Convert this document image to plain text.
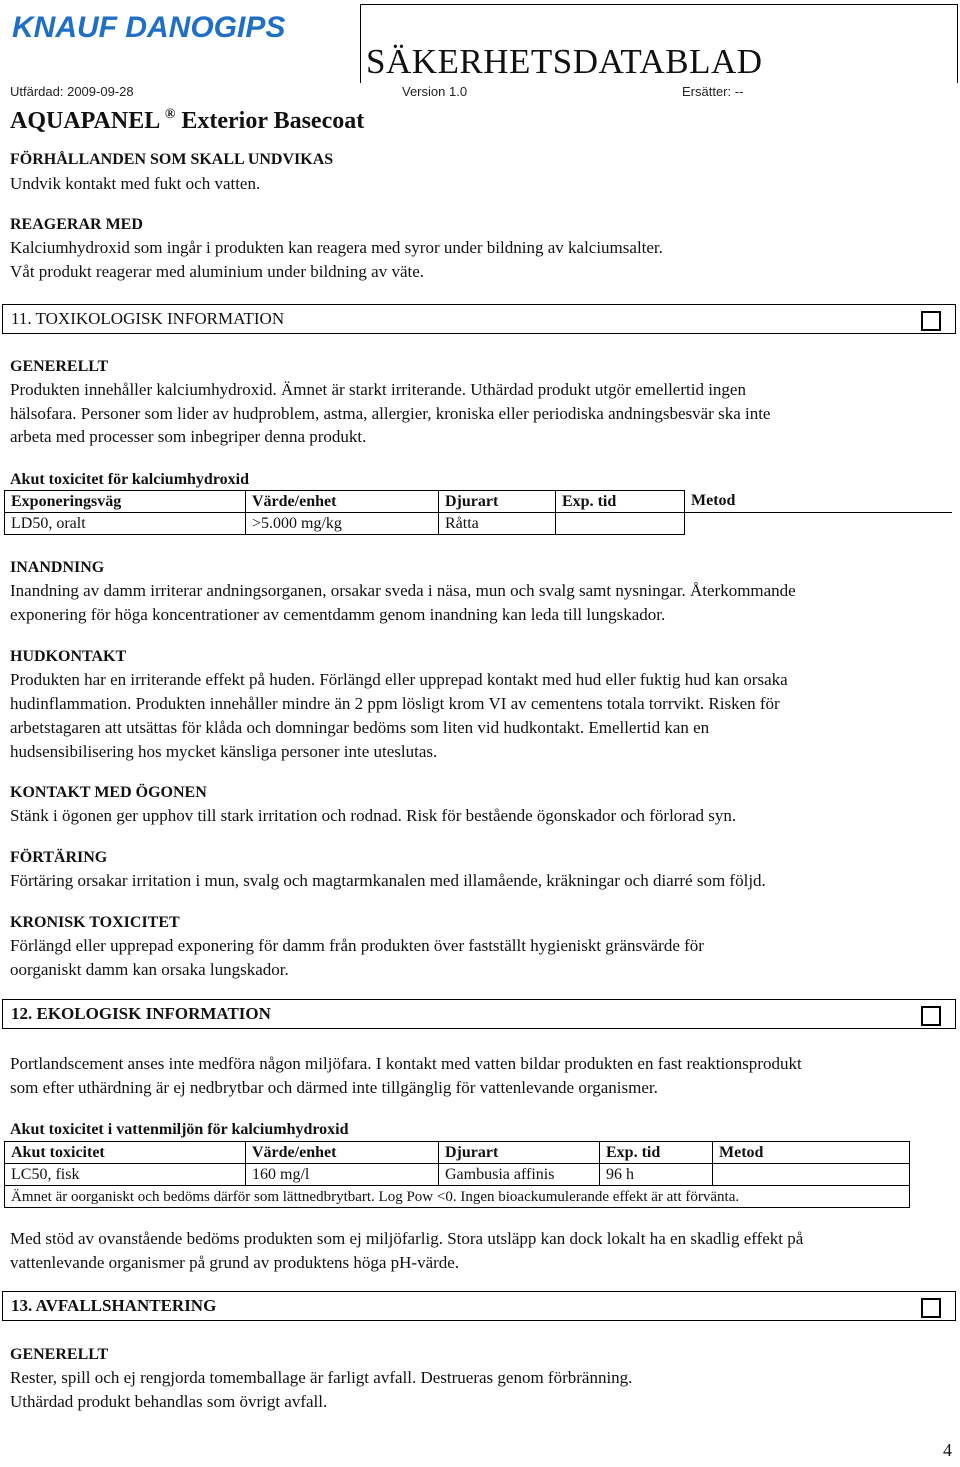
KNAUF DANOGIPS
SÄKERHETSDATABLAD
Utfärdad: 2009-09-28	Version 1.0	Ersätter: --
AQUAPANEL ® Exterior Basecoat
FÖRHÅLLANDEN SOM SKALL UNDVIKAS
Undvik kontakt med fukt och vatten.
REAGERAR MED
Kalciumhydroxid som ingår i produkten kan reagera med syror under bildning av kalciumsalter.
Våt produkt reagerar med aluminium under bildning av väte.
11. TOXIKOLOGISK INFORMATION
GENERELLT
Produkten innehåller kalciumhydroxid. Ämnet är starkt irriterande. Uthärdad produkt utgör emellertid ingen
hälsofara. Personer som lider av hudproblem, astma, allergier, kroniska eller periodiska andningsbesvär ska inte
arbeta med processer som inbegriper denna produkt.
Akut toxicitet för kalciumhydroxid
Exponeringsväg	Värde/enhet	Djurart	Exp. tid	Metod
LD50, oralt	>5.000 mg/kg	Råtta		
INANDNING
Inandning av damm irriterar andningsorganen, orsakar sveda i näsa, mun och svalg samt nysningar. Återkommande
exponering för höga koncentrationer av cementdamm genom inandning kan leda till lungskador.
HUDKONTAKT
Produkten har en irriterande effekt på huden. Förlängd eller upprepad kontakt med hud eller fuktig hud kan orsaka
hudinflammation. Produkten innehåller mindre än 2 ppm lösligt krom VI av cementens totala torrvikt. Risken för
arbetstagaren att utsättas för klåda och domningar bedöms som liten vid hudkontakt. Emellertid kan en
hudsensibilisering hos mycket känsliga personer inte uteslutas.
KONTAKT MED ÖGONEN
Stänk i ögonen ger upphov till stark irritation och rodnad. Risk för bestående ögonskador och förlorad syn.
FÖRTÄRING
Förtäring orsakar irritation i mun, svalg och magtarmkanalen med illamående, kräkningar och diarré som följd.
KRONISK TOXICITET
Förlängd eller upprepad exponering för damm från produkten över fastställt hygieniskt gränsvärde för
oorganiskt damm kan orsaka lungskador.
12. EKOLOGISK INFORMATION
Portlandscement anses inte medföra någon miljöfara. I kontakt med vatten bildar produkten en fast reaktionsprodukt
som efter uthärdning är ej nedbrytbar och därmed inte tillgänglig för vattenlevande organismer.
Akut toxicitet i vattenmiljön för kalciumhydroxid
Akut toxicitet	Värde/enhet	Djurart	Exp. tid	Metod
LC50, fisk	160 mg/l	Gambusia affinis	96 h	
Ämnet är oorganiskt och bedöms därför som lättnedbrytbart. Log Pow <0. Ingen bioackumulerande effekt är att förvänta.				
Med stöd av ovanstående bedöms produkten som ej miljöfarlig. Stora utsläpp kan dock lokalt ha en skadlig effekt på
vattenlevande organismer på grund av produktens höga pH-värde.
13. AVFALLSHANTERING
GENERELLT
Rester, spill och ej rengjorda tomemballage är farligt avfall. Destrueras genom förbränning.
Uthärdad produkt behandlas som övrigt avfall.
4
